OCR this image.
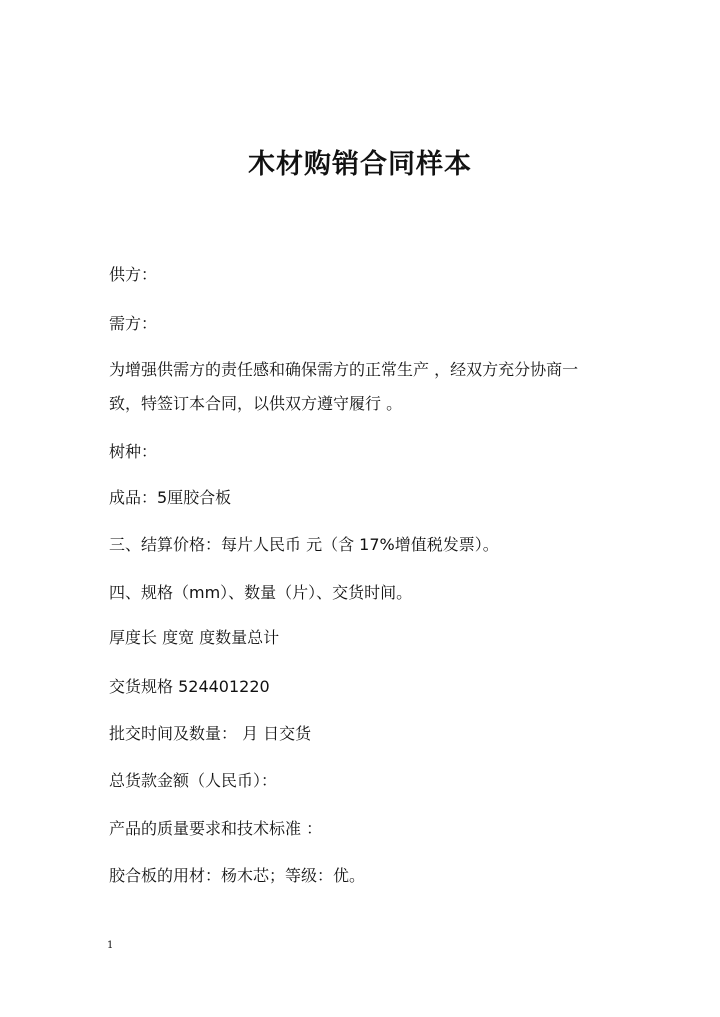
木材购销合同样本
供方：
需方：
为增强供需方的责任感和确保需方的正常生产 ，经双方充分协商一
致，特签订本合同，以供双方遵守履行 。
树种：
成品：5厘胶合板
三、结算价格：每片人民币 元（含 17%增值税发票）。
四、规格（mm）、数量（片）、交货时间。
厚度长 度宽 度数量总计
交货规格 524401220
批交时间及数量： 月 日交货
总货款金额（人民币）：
产品的质量要求和技术标准 ：
胶合板的用材：杨木芯；等级：优。
1
